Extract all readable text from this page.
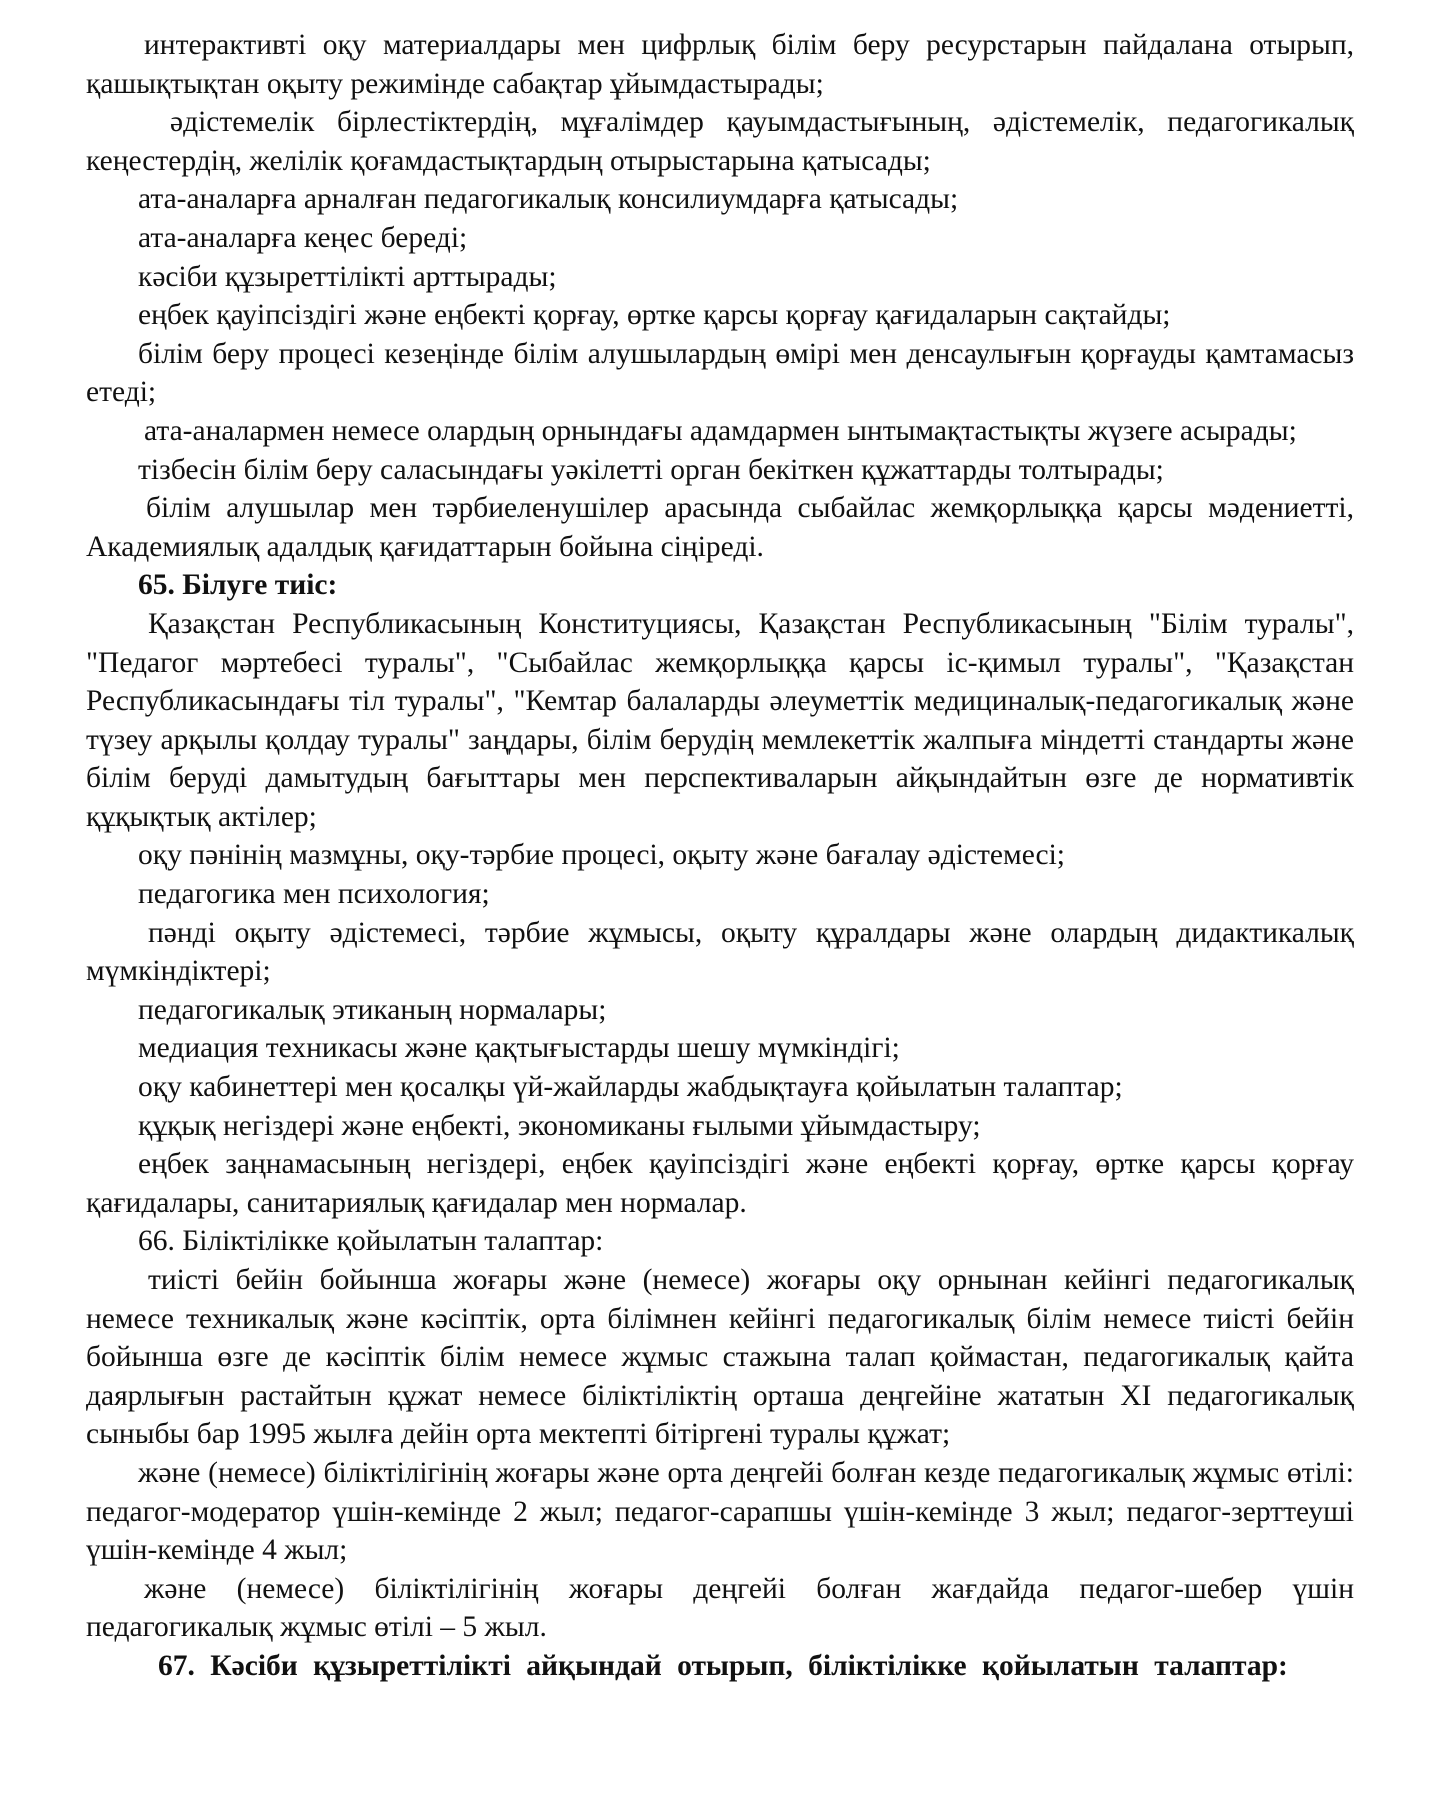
интерактивті оқу материалдары мен цифрлық білім беру ресурстарын пайдалана отырып, қашықтықтан оқыту режимінде сабақтар ұйымдастырады;

әдістемелік бірлестіктердің, мұғалімдер қауымдастығының, әдістемелік, педагогикалық кеңестердің, желілік қоғамдастықтардың отырыстарына қатысады;

ата-аналарға арналған педагогикалық консилиумдарға қатысады;

ата-аналарға кеңес береді;

кәсіби құзыреттілікті арттырады;

еңбек қауіпсіздігі және еңбекті қорғау, өртке қарсы қорғау қағидаларын сақтайды;

білім беру процесі кезеңінде білім алушылардың өмірі мен денсаулығын қорғауды қамтамасыз етеді;

ата-аналармен немесе олардың орнындағы адамдармен ынтымақтастықты жүзеге асырады;

тізбесін білім беру саласындағы уәкілетті орган бекіткен құжаттарды толтырады;

білім алушылар мен тәрбиеленушілер арасында сыбайлас жемқорлыққа қарсы мәдениетті, Академиялық адалдық қағидаттарын бойына сіңіреді.

65. Білуге тиіс:

Қазақстан Республикасының Конституциясы, Қазақстан Республикасының "Білім туралы", "Педагог мәртебесі туралы", "Сыбайлас жемқорлыққа қарсы іс-қимыл туралы", "Қазақстан Республикасындағы тіл туралы", "Кемтар балаларды әлеуметтік медициналық-педагогикалық және түзеу арқылы қолдау туралы" заңдары, білім берудің мемлекеттік жалпыға міндетті стандарты және білім беруді дамытудың бағыттары мен перспективаларын айқындайтын өзге де нормативтік құқықтық актілер;

оқу пәнінің мазмұны, оқу-тәрбие процесі, оқыту және бағалау әдістемесі;

педагогика мен психология;

пәнді оқыту әдістемесі, тәрбие жұмысы, оқыту құралдары және олардың дидактикалық мүмкіндіктері;

педагогикалық этиканың нормалары;

медиация техникасы және қақтығыстарды шешу мүмкіндігі;

оқу кабинеттері мен қосалқы үй-жайларды жабдықтауға қойылатын талаптар;

құқық негіздері және еңбекті, экономиканы ғылыми ұйымдастыру;

еңбек заңнамасының негіздері, еңбек қауіпсіздігі және еңбекті қорғау, өртке қарсы қорғау қағидалары, санитариялық қағидалар мен нормалар.

66. Біліктілікке қойылатын талаптар:

тиісті бейін бойынша жоғары және (немесе) жоғары оқу орнынан кейінгі педагогикалық немесе техникалық және кәсіптік, орта білімнен кейінгі педагогикалық білім немесе тиісті бейін бойынша өзге де кәсіптік білім немесе жұмыс стажына талап қоймастан, педагогикалық қайта даярлығын растайтын құжат немесе біліктіліктің орташа деңгейіне жататын XI педагогикалық сыныбы бар 1995 жылға дейін орта мектепті бітіргені туралы құжат;

және (немесе) біліктілігінің жоғары және орта деңгейі болған кезде педагогикалық жұмыс өтілі: педагог-модератор үшін-кемінде 2 жыл; педагог-сарапшы үшін-кемінде 3 жыл; педагог-зерттеуші үшін-кемінде 4 жыл;

және (немесе) біліктілігінің жоғары деңгейі болған жағдайда педагог-шебер үшін педагогикалық жұмыс өтілі – 5 жыл.

67. Кәсіби құзыреттілікті айқындай отырып, біліктілікке қойылатын талаптар:
